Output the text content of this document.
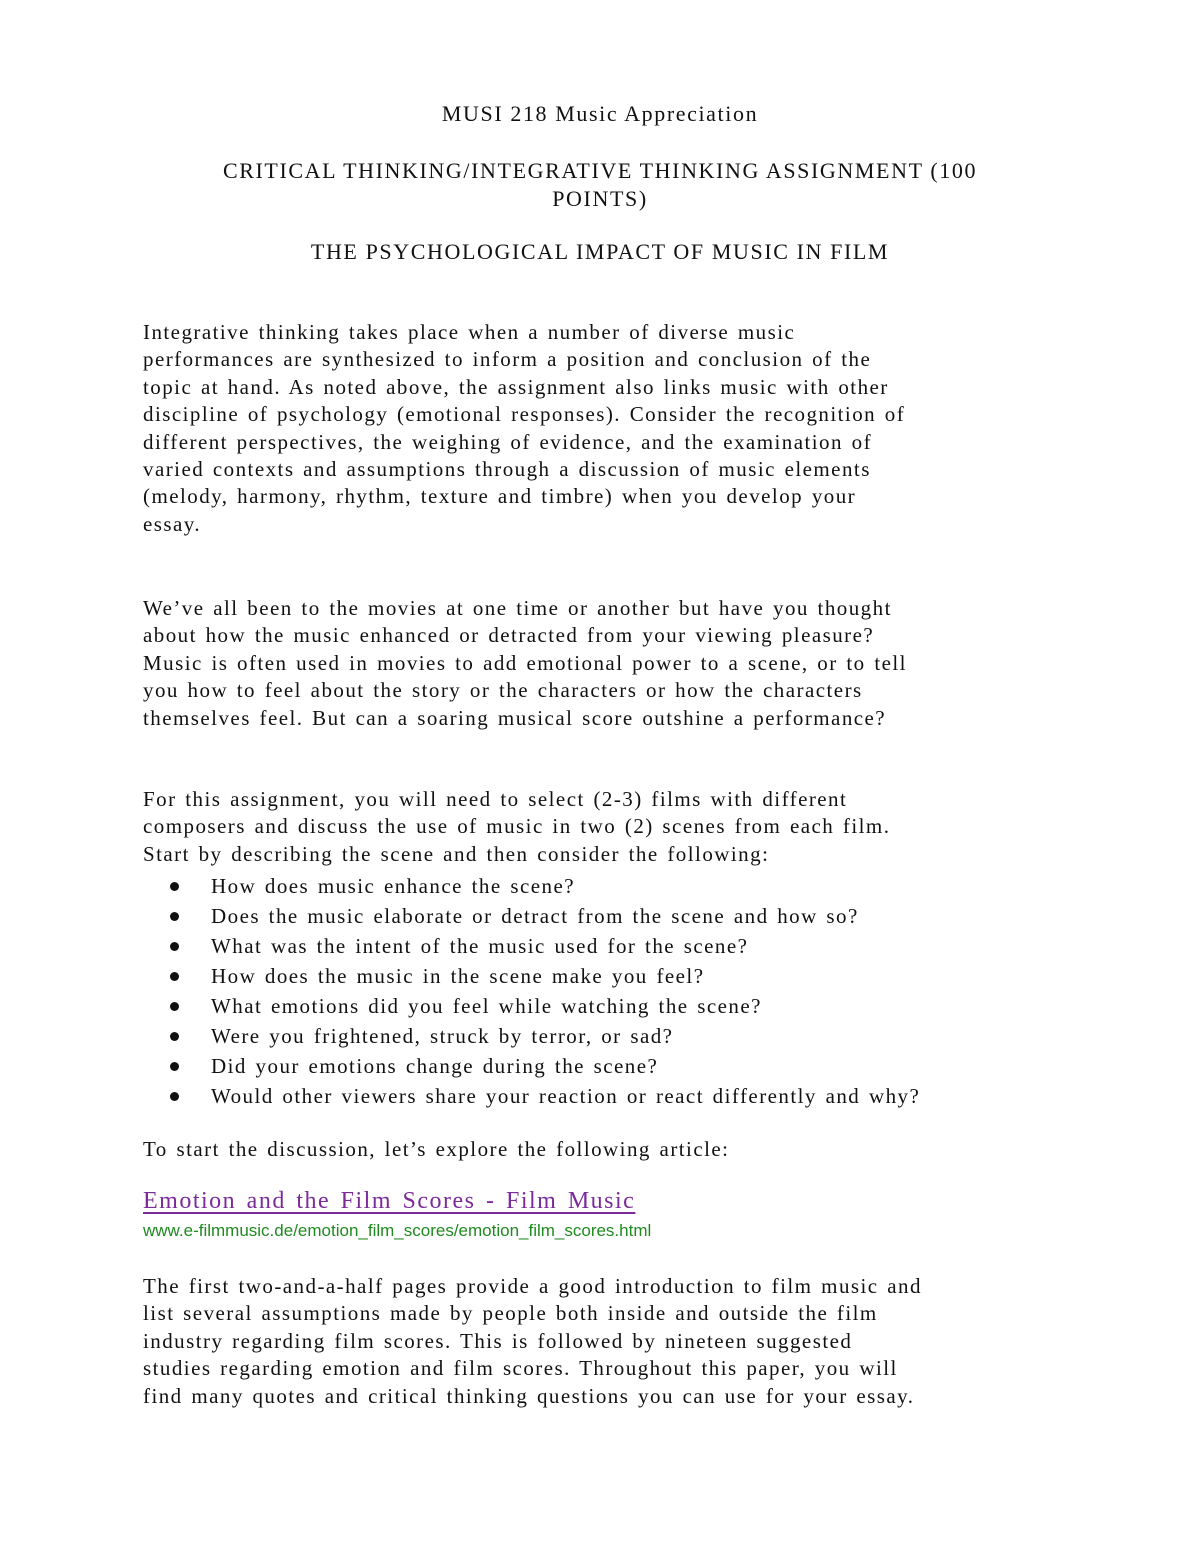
MUSI 218 Music Appreciation

CRITICAL THINKING/INTEGRATIVE THINKING ASSIGNMENT (100
POINTS)

THE PSYCHOLOGICAL IMPACT OF MUSIC IN FILM

Integrative thinking takes place when a number of diverse music
performances are synthesized to inform a position and conclusion of the
topic at hand. As noted above, the assignment also links music with other
discipline of psychology (emotional responses). Consider the recognition of
different perspectives, the weighing of evidence, and the examination of
varied contexts and assumptions through a discussion of music elements
(melody, harmony, rhythm, texture and timbre) when you develop your
essay.

We’ve all been to the movies at one time or another but have you thought
about how the music enhanced or detracted from your viewing pleasure?
Music is often used in movies to add emotional power to a scene, or to tell
you how to feel about the story or the characters or how the characters
themselves feel. But can a soaring musical score outshine a performance?

For this assignment, you will need to select (2-3) films with different
composers and discuss the use of music in two (2) scenes from each film.
Start by describing the scene and then consider the following:

How does music enhance the scene?
Does the music elaborate or detract from the scene and how so?
What was the intent of the music used for the scene?
How does the music in the scene make you feel?
What emotions did you feel while watching the scene?
Were you frightened, struck by terror, or sad?
Did your emotions change during the scene?
Would other viewers share your reaction or react differently and why?

To start the discussion, let’s explore the following article:

Emotion and the Film Scores - Film Music
www.e-filmmusic.de/emotion_film_scores/emotion_film_scores.html

The first two-and-a-half pages provide a good introduction to film music and
list several assumptions made by people both inside and outside the film
industry regarding film scores. This is followed by nineteen suggested
studies regarding emotion and film scores. Throughout this paper, you will
find many quotes and critical thinking questions you can use for your essay.
